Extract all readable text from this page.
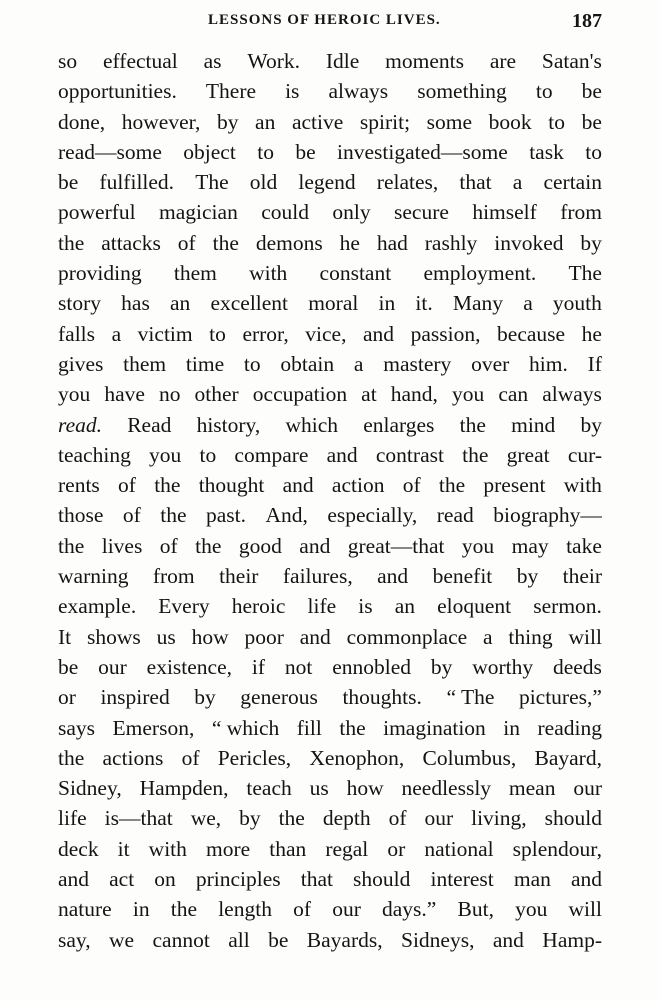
LESSONS OF HEROIC LIVES.	187
so effectual as Work. Idle moments are Satan's
opportunities. There is always something to be
done, however, by an active spirit; some book to be
read—some object to be investigated—some task to
be fulfilled. The old legend relates, that a certain
powerful magician could only secure himself from
the attacks of the demons he had rashly invoked by
providing them with constant employment. The
story has an excellent moral in it. Many a youth
falls a victim to error, vice, and passion, because he
gives them time to obtain a mastery over him. If
you have no other occupation at hand, you can always
read. Read history, which enlarges the mind by
teaching you to compare and contrast the great cur-
rents of the thought and action of the present with
those of the past. And, especially, read biography—
the lives of the good and great—that you may take
warning from their failures, and benefit by their
example. Every heroic life is an eloquent sermon.
It shows us how poor and commonplace a thing will
be our existence, if not ennobled by worthy deeds
or inspired by generous thoughts. “ The pictures,”
says Emerson, “ which fill the imagination in reading
the actions of Pericles, Xenophon, Columbus, Bayard,
Sidney, Hampden, teach us how needlessly mean our
life is—that we, by the depth of our living, should
deck it with more than regal or national splendour,
and act on principles that should interest man and
nature in the length of our days.” But, you will
say, we cannot all be Bayards, Sidneys, and Hamp-
